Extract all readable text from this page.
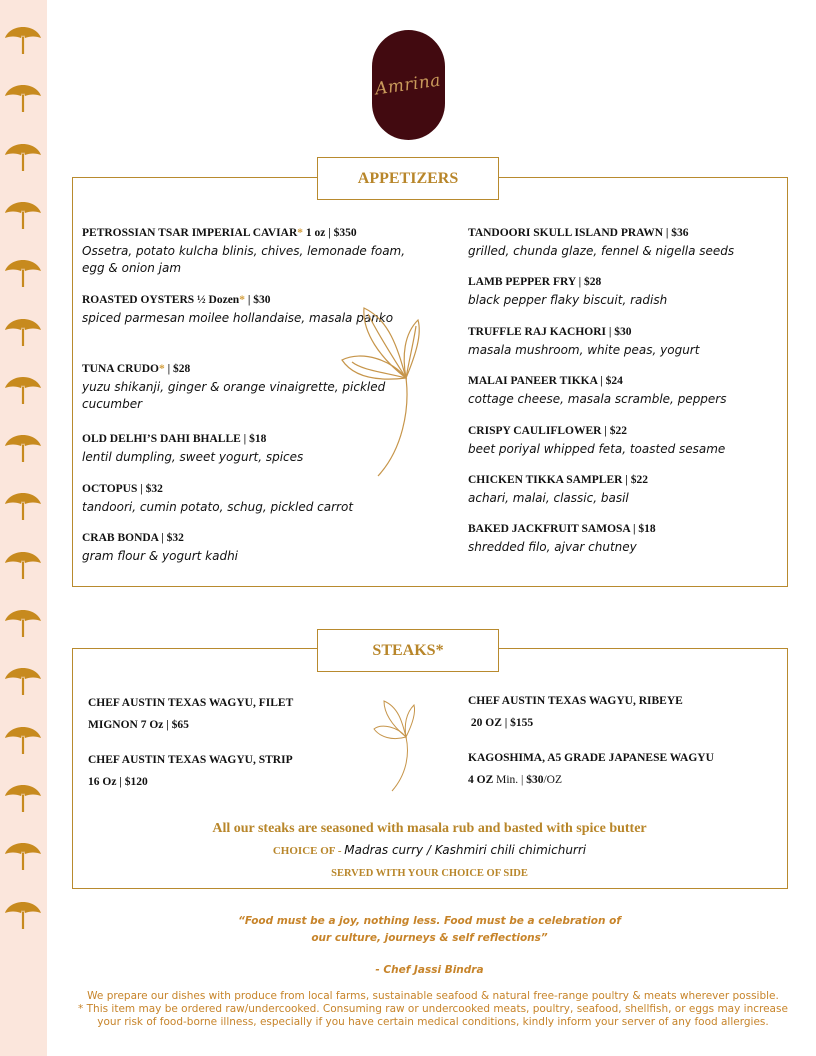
Amrina
APPETIZERS
PETROSSIAN TSAR IMPERIAL CAVIAR* 1 oz | $350
Ossetra, potato kulcha blinis, chives, lemonade foam, egg & onion jam
ROASTED OYSTERS ½ Dozen* | $30
spiced parmesan moilee hollandaise, masala panko
TUNA CRUDO* | $28
yuzu shikanji, ginger & orange vinaigrette, pickled cucumber
OLD DELHI’S DAHI BHALLE | $18
lentil dumpling, sweet yogurt, spices
OCTOPUS | $32
tandoori, cumin potato, schug, pickled carrot
CRAB BONDA | $32
gram flour & yogurt kadhi
TANDOORI SKULL ISLAND PRAWN | $36
grilled, chunda glaze, fennel & nigella seeds
LAMB PEPPER FRY | $28
black pepper flaky biscuit, radish
TRUFFLE RAJ KACHORI | $30
masala mushroom, white peas, yogurt
MALAI PANEER TIKKA | $24
cottage cheese, masala scramble, peppers
CRISPY CAULIFLOWER | $22
beet poriyal whipped feta, toasted sesame
CHICKEN TIKKA SAMPLER | $22
achari, malai, classic, basil
BAKED JACKFRUIT SAMOSA | $18
shredded filo, ajvar chutney
STEAKS*
CHEF AUSTIN TEXAS WAGYU, FILET
MIGNON 7 Oz | $65
CHEF AUSTIN TEXAS WAGYU, STRIP
16 Oz | $120
CHEF AUSTIN TEXAS WAGYU, RIBEYE
20 OZ | $155
KAGOSHIMA, A5 GRADE JAPANESE WAGYU
4 OZ Min. | $30/OZ
All our steaks are seasoned with masala rub and basted with spice butter
CHOICE OF - Madras curry / Kashmiri chili chimichurri
SERVED WITH YOUR CHOICE OF SIDE
“Food must be a joy, nothing less. Food must be a celebration of
our culture, journeys & self reflections”
- Chef Jassi Bindra
We prepare our dishes with produce from local farms, sustainable seafood & natural free-range poultry & meats wherever possible.
* This item may be ordered raw/undercooked. Consuming raw or undercooked meats, poultry, seafood, shellfish, or eggs may increase
your risk of food-borne illness, especially if you have certain medical conditions, kindly inform your server of any food allergies.
